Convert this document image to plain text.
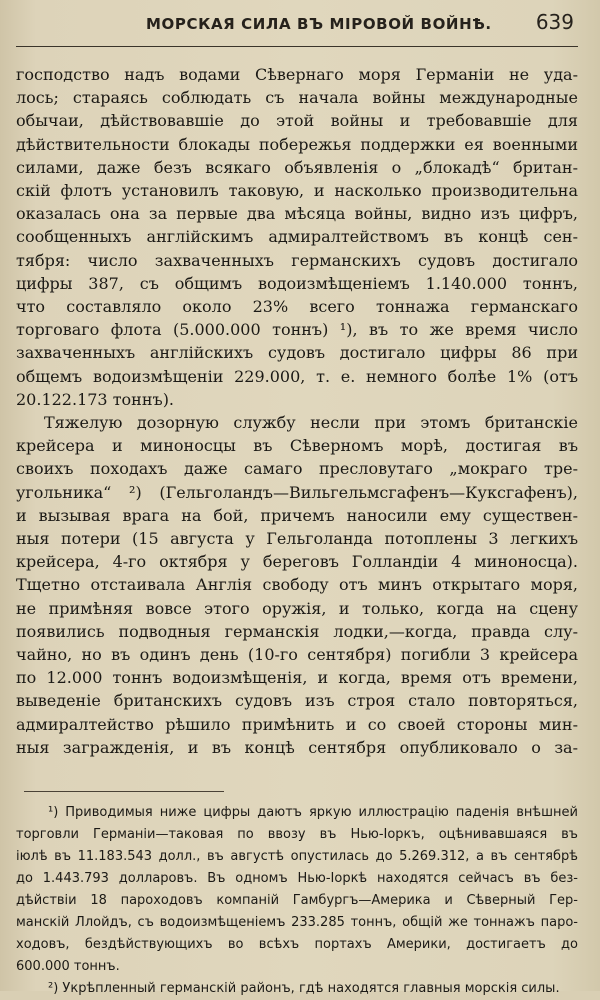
МОРСКАЯ СИЛА ВЪ МІРОВОЙ ВОЙНѢ. 639

господство надъ водами Сѣвернаго моря Германіи не уда-
лось; стараясь соблюдать съ начала войны международные
обычаи, дѣйствовавшіе до этой войны и требовавшіе для
дѣйствительности блокады побережья поддержки ея военными
силами, даже безъ всякаго объявленія о „блокадѣ“ британ-
скій флотъ установилъ таковую, и насколько производительна
оказалась она за первые два мѣсяца войны, видно изъ цифръ,
сообщенныхъ англійскимъ адмиралтействомъ въ концѣ сен-
тября: число захваченныхъ германскихъ судовъ достигало
цифры 387, съ общимъ водоизмѣщеніемъ 1.140.000 тоннъ,
что составляло около 23% всего тоннажа германскаго
торговаго флота (5.000.000 тоннъ) ¹), въ то же время число
захваченныхъ англійскихъ судовъ достигало цифры 86 при
общемъ водоизмѣщеніи 229.000, т. е. немного болѣе 1% (отъ
20.122.173 тоннъ).

Тяжелую дозорную службу несли при этомъ британскіе
крейсера и миноносцы въ Сѣверномъ морѣ, достигая въ
своихъ походахъ даже самаго пресловутаго „мокраго тре-
угольника“ ²) (Гельголандъ—Вильгельмсгафенъ—Куксгафенъ),
и вызывая врага на бой, причемъ наносили ему существен-
ныя потери (15 августа у Гельголанда потоплены 3 легкихъ
крейсера, 4-го октября у береговъ Голландіи 4 миноносца).
Тщетно отстаивала Англія свободу отъ минъ открытаго моря,
не примѣняя вовсе этого оружія, и только, когда на сцену
появились подводныя германскія лодки,—когда, правда слу-
чайно, но въ одинъ день (10-го сентября) погибли 3 крейсера
по 12.000 тоннъ водоизмѣщенія, и когда, время отъ времени,
выведеніе британскихъ судовъ изъ строя стало повторяться,
адмиралтейство рѣшило примѣнить и со своей стороны мин-
ныя загражденія, и въ концѣ сентября опубликовало о за-

¹) Приводимыя ниже цифры даютъ яркую иллюстрацію паденія внѣшней
торговли Германіи—таковая по ввозу въ Нью-Іоркъ, оцѣнивавшаяся въ
іюлѣ въ 11.183.543 долл., въ августѣ опустилась до 5.269.312, а въ сентябрѣ
до 1.443.793 долларовъ. Въ одномъ Нью-Іоркѣ находятся сейчасъ въ без-
дѣйствіи 18 пароходовъ компаній Гамбургъ—Америка и Сѣверный Гер-
манскій Ллойдъ, съ водоизмѣщеніемъ 233.285 тоннъ, общій же тоннажъ паро-
ходовъ, бездѣйствующихъ во всѣхъ портахъ Америки, достигаетъ до
600.000 тоннъ.
²) Укрѣпленный германскій районъ, гдѣ находятся главныя морскія силы.
